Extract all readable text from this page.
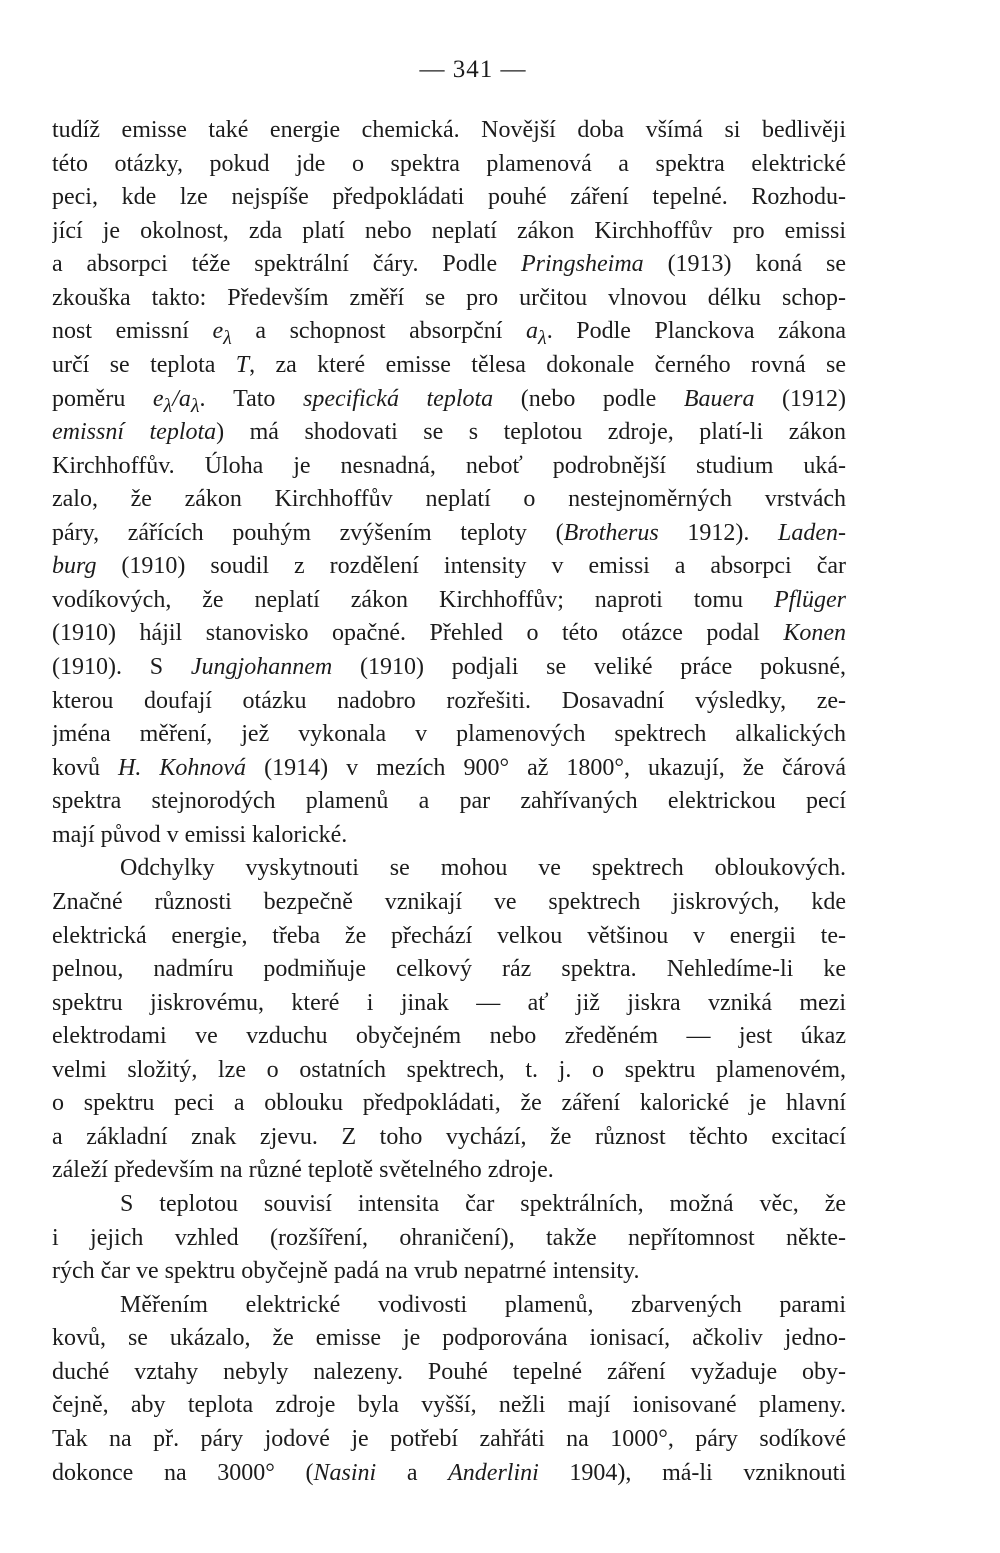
— 341 —
tudíž emisse také energie chemická. Novější doba všímá si bedlivěji
této otázky, pokud jde o spektra plamenová a spektra elektrické
peci, kde lze nejspíše předpokládati pouhé záření tepelné. Rozhodu-
jící je okolnost, zda platí nebo neplatí zákon Kirchhoffův pro emissi
a absorpci téže spektrální čáry. Podle Pringsheima (1913) koná se
zkouška takto: Především změří se pro určitou vlnovou délku schop-
nost emissní $e_\lambda$ a schopnost absorpční $a_\lambda$. Podle Planckova zákona
určí se teplota T, za které emisse tělesa dokonale černého rovná se
poměru $e_\lambda/a_\lambda$. Tato specifická teplota (nebo podle Bauera (1912)
emissní teplota) má shodovati se s teplotou zdroje, platí-li zákon
Kirchhoffův. Úloha je nesnadná, neboť podrobnější studium uká-
zalo, že zákon Kirchhoffův neplatí o nestejnoměrných vrstvách
páry, zářících pouhým zvýšením teploty (Brotherus 1912). Laden-
burg (1910) soudil z rozdělení intensity v emissi a absorpci čar
vodíkových, že neplatí zákon Kirchhoffův; naproti tomu Pflüger
(1910) hájil stanovisko opačné. Přehled o této otázce podal Konen
(1910). S Jungjohannem (1910) podjali se veliké práce pokusné,
kterou doufají otázku nadobro rozřešiti. Dosavadní výsledky, ze-
jména měření, jež vykonala v plamenových spektrech alkalických
kovů H. Kohnová (1914) v mezích 900° až 1800°, ukazují, že čárová
spektra stejnorodých plamenů a par zahřívaných elektrickou pecí
mají původ v emissi kalorické.
Odchylky vyskytnouti se mohou ve spektrech obloukových.
Značné různosti bezpečně vznikají ve spektrech jiskrových, kde
elektrická energie, třeba že přechází velkou většinou v energii te-
pelnou, nadmíru podmiňuje celkový ráz spektra. Nehledíme-li ke
spektru jiskrovému, které i jinak — ať již jiskra vzniká mezi
elektrodami ve vzduchu obyčejném nebo zředěném — jest úkaz
velmi složitý, lze o ostatních spektrech, t. j. o spektru plamenovém,
o spektru peci a oblouku předpokládati, že záření kalorické je hlavní
a základní znak zjevu. Z toho vychází, že různost těchto excitací
záleží především na různé teplotě světelného zdroje.
S teplotou souvisí intensita čar spektrálních, možná věc, že
i jejich vzhled (rozšíření, ohraničení), takže nepřítomnost někte-
rých čar ve spektru obyčejně padá na vrub nepatrné intensity.
Měřením elektrické vodivosti plamenů, zbarvených parami
kovů, se ukázalo, že emisse je podporována ionisací, ačkoliv jedno-
duché vztahy nebyly nalezeny. Pouhé tepelné záření vyžaduje oby-
čejně, aby teplota zdroje byla vyšší, nežli mají ionisované plameny.
Tak na př. páry jodové je potřebí zahřáti na 1000°, páry sodíkové
dokonce na 3000° (Nasini a Anderlini 1904), má-li vzniknouti
